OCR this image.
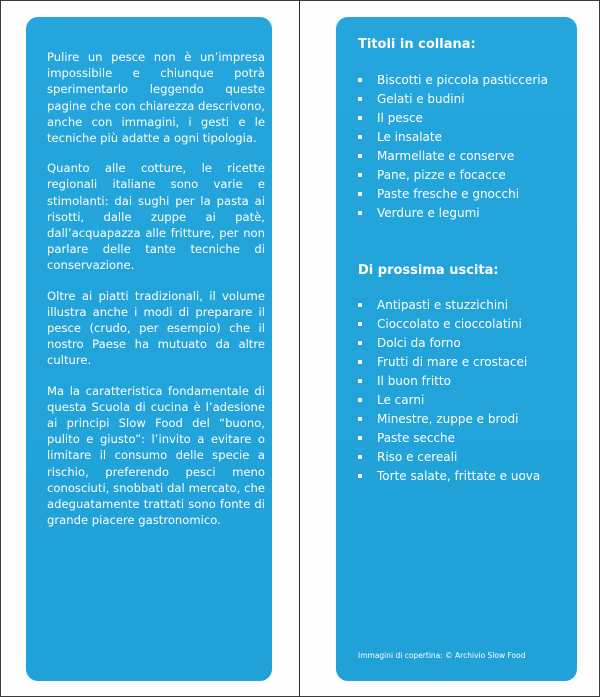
Pulire un pesce non è un’impresa impossibile e chiunque potrà sperimentarlo leggendo queste pagine che con chiarezza descrivono, anche con immagini, i gesti e le tecniche più adatte a ogni tipologia.

Quanto alle cotture, le ricette regionali italiane sono varie e stimolanti: dai sughi per la pasta ai risotti, dalle zuppe ai patè, dall’acquapazza alle fritture, per non parlare delle tante tecniche di conservazione.

Oltre ai piatti tradizionali, il volume illustra anche i modi di preparare il pesce (crudo, per esempio) che il nostro Paese ha mutuato da altre culture.

Ma la caratteristica fondamentale di questa Scuola di cucina è l’adesione ai principi Slow Food del “buono, pulito e giusto”: l’invito a evitare o limitare il consumo delle specie a rischio, preferendo pesci meno conosciuti, snobbati dal mercato, che adeguatamente trattati sono fonte di grande piacere gastronomico.

Titoli in collana:
Biscotti e piccola pasticceria
Gelati e budini
Il pesce
Le insalate
Marmellate e conserve
Pane, pizze e focacce
Paste fresche e gnocchi
Verdure e legumi
Di prossima uscita:
Antipasti e stuzzichini
Cioccolato e cioccolatini
Dolci da forno
Frutti di mare e crostacei
Il buon fritto
Le carni
Minestre, zuppe e brodi
Paste secche
Riso e cereali
Torte salate, frittate e uova
Immagini di copertina: © Archivio Slow Food
